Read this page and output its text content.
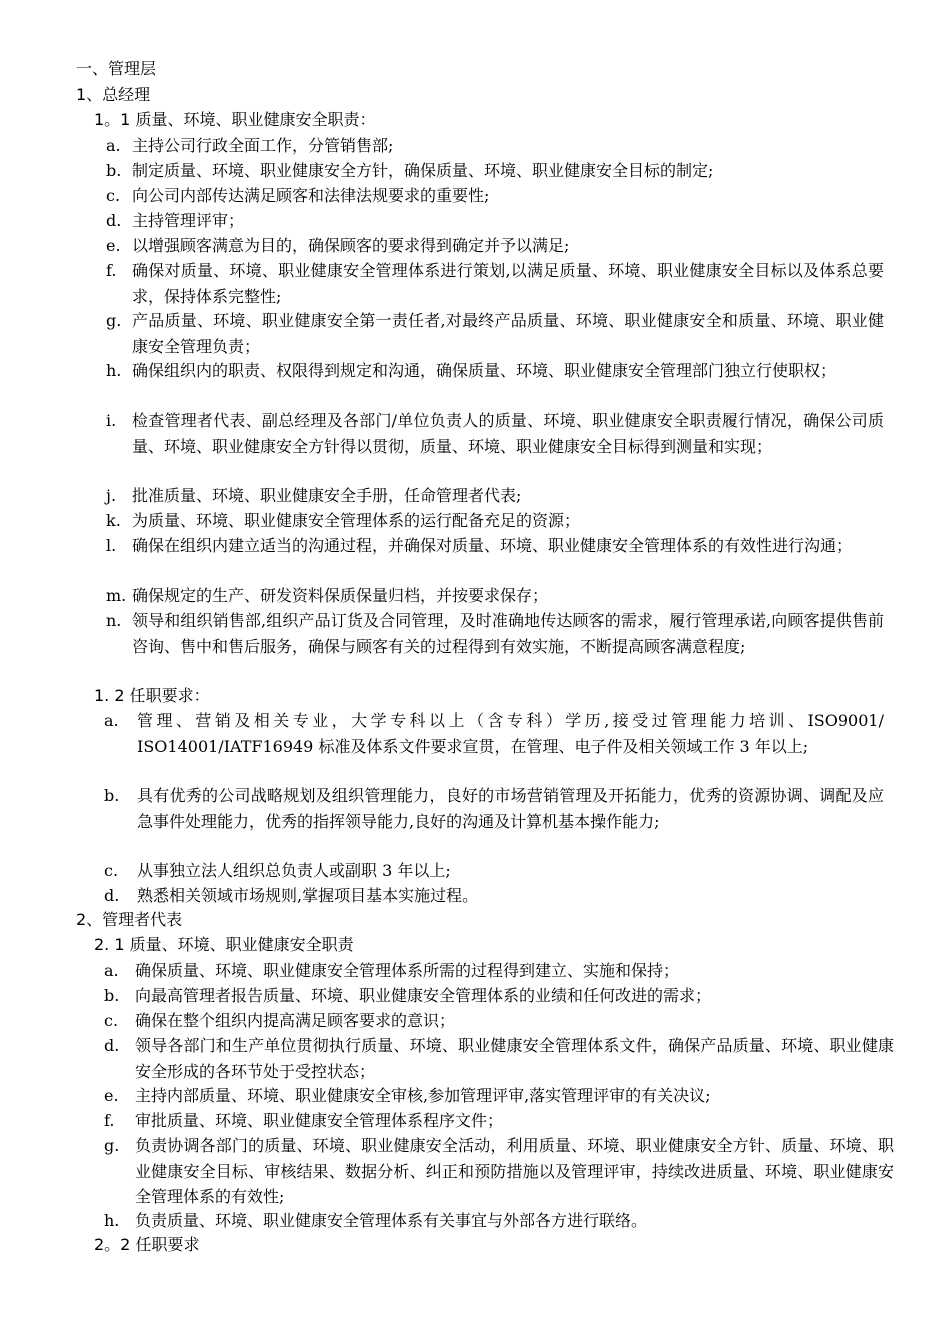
一、管理层
1、总经理
1。1 质量、环境、职业健康安全职责：
a. 主持公司行政全面工作，分管销售部;
b. 制定质量、环境、职业健康安全方针，确保质量、环境、职业健康安全目标的制定;
c. 向公司内部传达满足顾客和法律法规要求的重要性;
d. 主持管理评审；
e. 以增强顾客满意为目的，确保顾客的要求得到确定并予以满足;
f. 确保对质量、环境、职业健康安全管理体系进行策划,以满足质量、环境、职业健康安全目标以及体系总要求，保持体系完整性;
g. 产品质量、环境、职业健康安全第一责任者,对最终产品质量、环境、职业健康安全和质量、环境、职业健康安全管理负责；
h. 确保组织内的职责、权限得到规定和沟通，确保质量、环境、职业健康安全管理部门独立行使职权；
i. 检查管理者代表、副总经理及各部门/单位负责人的质量、环境、职业健康安全职责履行情况，确保公司质量、环境、职业健康安全方针得以贯彻，质量、环境、职业健康安全目标得到测量和实现；
j. 批准质量、环境、职业健康安全手册，任命管理者代表;
k. 为质量、环境、职业健康安全管理体系的运行配备充足的资源；
l. 确保在组织内建立适当的沟通过程，并确保对质量、环境、职业健康安全管理体系的有效性进行沟通；
m. 确保规定的生产、研发资料保质保量归档，并按要求保存；
n. 领导和组织销售部,组织产品订货及合同管理，及时准确地传达顾客的需求，履行管理承诺,向顾客提供售前咨询、售中和售后服务，确保与顾客有关的过程得到有效实施，不断提高顾客满意程度;
1. 2 任职要求：
a. 管理、营销及相关专业，大学专科以上（含专科）学历,接受过管理能力培训、ISO9001/ ISO14001/IATF16949 标准及体系文件要求宣贯，在管理、电子件及相关领域工作 3 年以上;
b. 具有优秀的公司战略规划及组织管理能力，良好的市场营销管理及开拓能力，优秀的资源协调、调配及应急事件处理能力，优秀的指挥领导能力,良好的沟通及计算机基本操作能力;
c. 从事独立法人组织总负责人或副职 3 年以上;
d. 熟悉相关领域市场规则,掌握项目基本实施过程。
2、管理者代表
2. 1 质量、环境、职业健康安全职责
a. 确保质量、环境、职业健康安全管理体系所需的过程得到建立、实施和保持；
b. 向最高管理者报告质量、环境、职业健康安全管理体系的业绩和任何改进的需求；
c. 确保在整个组织内提高满足顾客要求的意识；
d. 领导各部门和生产单位贯彻执行质量、环境、职业健康安全管理体系文件，确保产品质量、环境、职业健康安全形成的各环节处于受控状态；
e. 主持内部质量、环境、职业健康安全审核,参加管理评审,落实管理评审的有关决议;
f. 审批质量、环境、职业健康安全管理体系程序文件；
g. 负责协调各部门的质量、环境、职业健康安全活动，利用质量、环境、职业健康安全方针、质量、环境、职业健康安全目标、审核结果、数据分析、纠正和预防措施以及管理评审，持续改进质量、环境、职业健康安全管理体系的有效性;
h. 负责质量、环境、职业健康安全管理体系有关事宜与外部各方进行联络。
2。2 任职要求
